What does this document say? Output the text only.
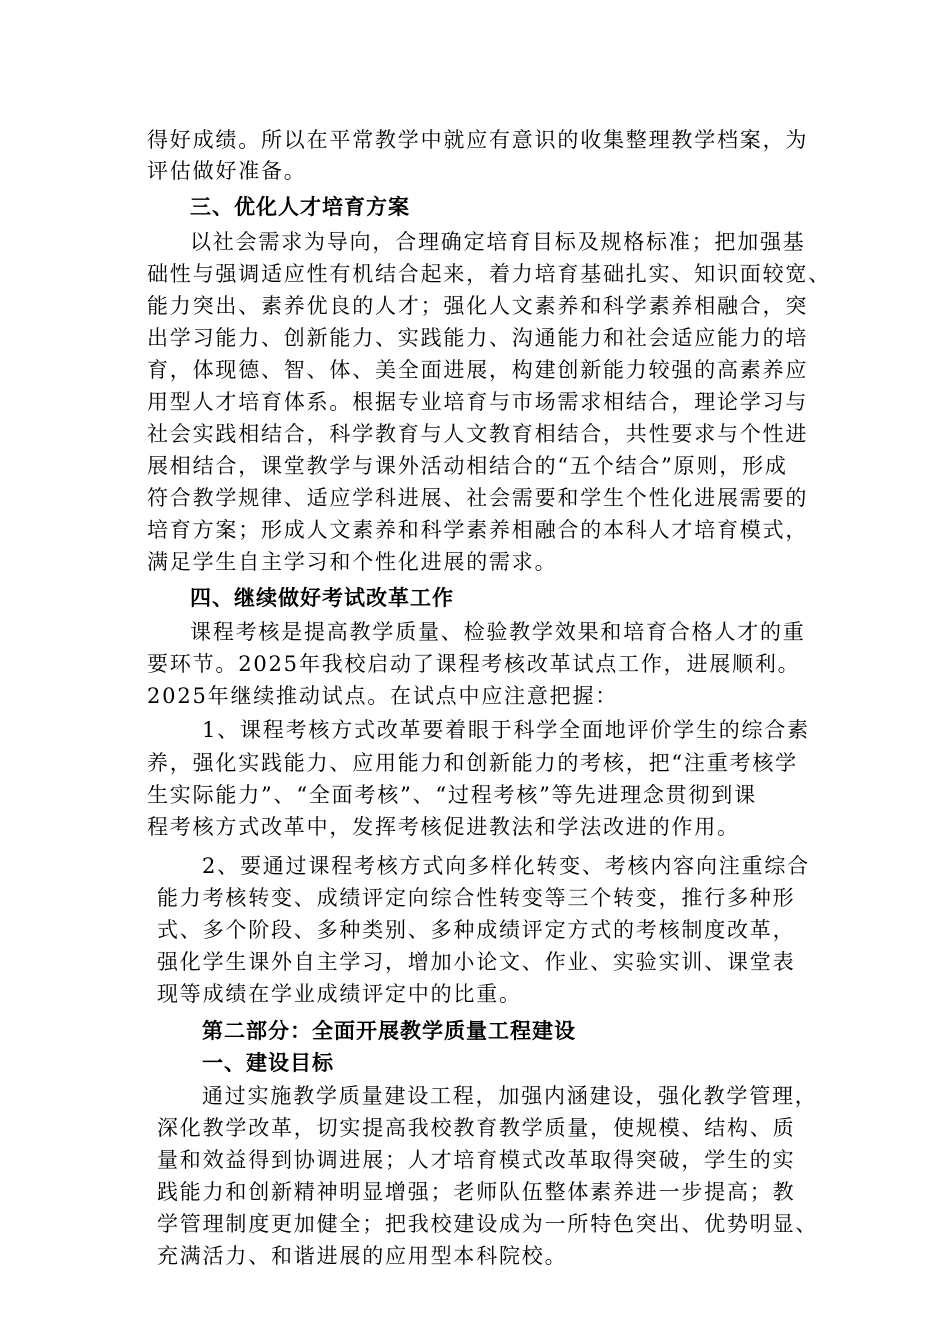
得好成绩。所以在平常教学中就应有意识的收集整理教学档案，为
评估做好准备。
三、优化人才培育方案
以社会需求为导向，合理确定培育目标及规格标准；把加强基
础性与强调适应性有机结合起来，着力培育基础扎实、知识面较宽、
能力突出、素养优良的人才；强化人文素养和科学素养相融合，突
出学习能力、创新能力、实践能力、沟通能力和社会适应能力的培
育，体现德、智、体、美全面进展，构建创新能力较强的高素养应
用型人才培育体系。根据专业培育与市场需求相结合，理论学习与
社会实践相结合，科学教育与人文教育相结合，共性要求与个性进
展相结合，课堂教学与课外活动相结合的“五个结合”原则，形成
符合教学规律、适应学科进展、社会需要和学生个性化进展需要的
培育方案；形成人文素养和科学素养相融合的本科人才培育模式，
满足学生自主学习和个性化进展的需求。
四、继续做好考试改革工作
课程考核是提高教学质量、检验教学效果和培育合格人才的重
要环节。2025年我校启动了课程考核改革试点工作，进展顺利。
2025年继续推动试点。在试点中应注意把握：
1、课程考核方式改革要着眼于科学全面地评价学生的综合素
养，强化实践能力、应用能力和创新能力的考核，把“注重考核学
生实际能力”、“全面考核”、“过程考核”等先进理念贯彻到课
程考核方式改革中，发挥考核促进教法和学法改进的作用。
2、要通过课程考核方式向多样化转变、考核内容向注重综合
能力考核转变、成绩评定向综合性转变等三个转变，推行多种形
式、多个阶段、多种类别、多种成绩评定方式的考核制度改革，
强化学生课外自主学习，增加小论文、作业、实验实训、课堂表
现等成绩在学业成绩评定中的比重。
第二部分：全面开展教学质量工程建设
一、建设目标
通过实施教学质量建设工程，加强内涵建设，强化教学管理，
深化教学改革，切实提高我校教育教学质量，使规模、结构、质
量和效益得到协调进展；人才培育模式改革取得突破，学生的实
践能力和创新精神明显增强；老师队伍整体素养进一步提高；教
学管理制度更加健全；把我校建设成为一所特色突出、优势明显、
充满活力、和谐进展的应用型本科院校。
